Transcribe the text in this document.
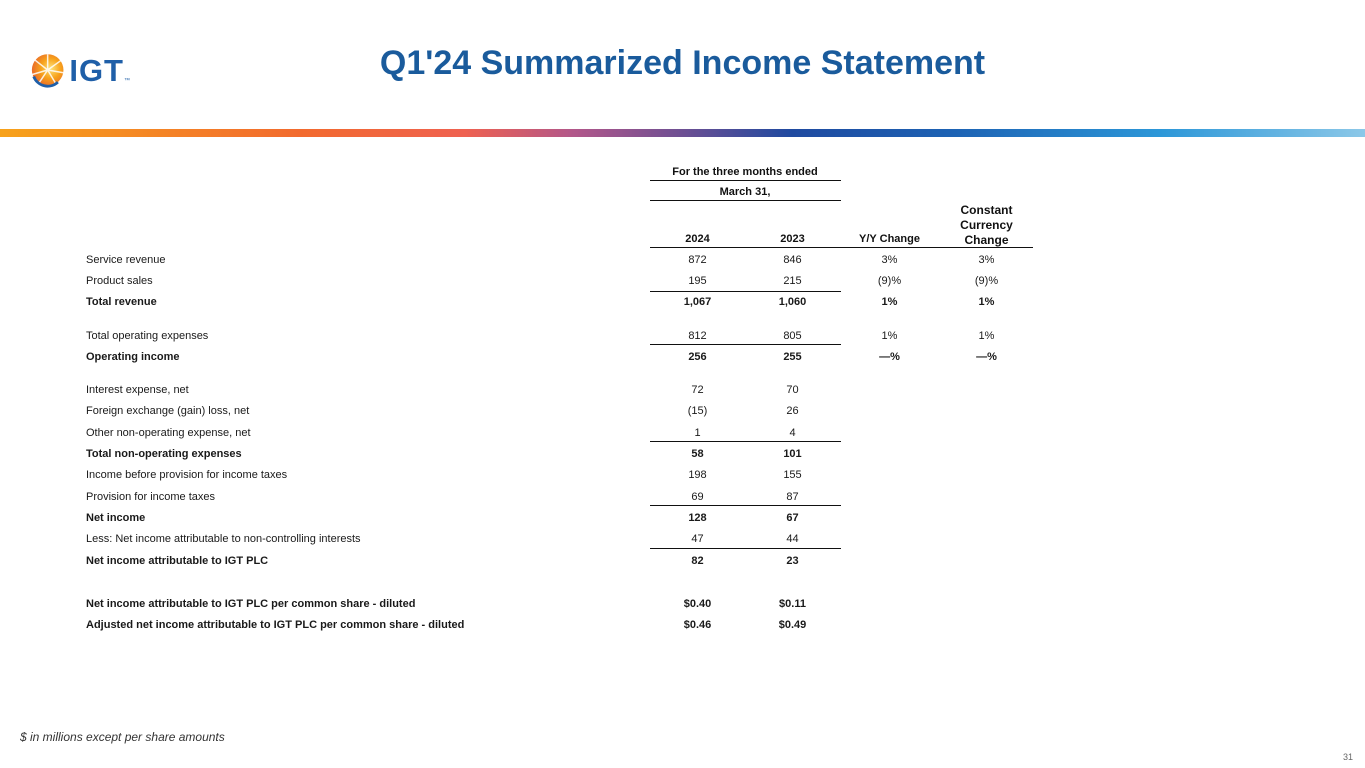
IGT ™	Q1'24 Summarized Income Statement
For the three months ended
March 31,
2024	2023	Y/Y Change
Constant
Currency
Change
Service revenue	872	846	3%	3%
Product sales	195	215	(9)%	(9)%
Total revenue	1,067	1,060	1%	1%
Total operating expenses	812	805	1%	1%
Operating income	256	255	—%	—%
Interest expense, net	72	70
Foreign exchange (gain) loss, net	(15)	26
Other non-operating expense, net	1	4
Total non-operating expenses	58	101
Income before provision for income taxes	198	155
Provision for income taxes	69	87
Net income	128	67
Less: Net income attributable to non-controlling interests	47	44
Net income attributable to IGT PLC	82	23
Net income attributable to IGT PLC per common share - diluted	$0.40	$0.11
Adjusted net income attributable to IGT PLC per common share - diluted	$0.46	$0.49
$ in millions except per share amounts
31
